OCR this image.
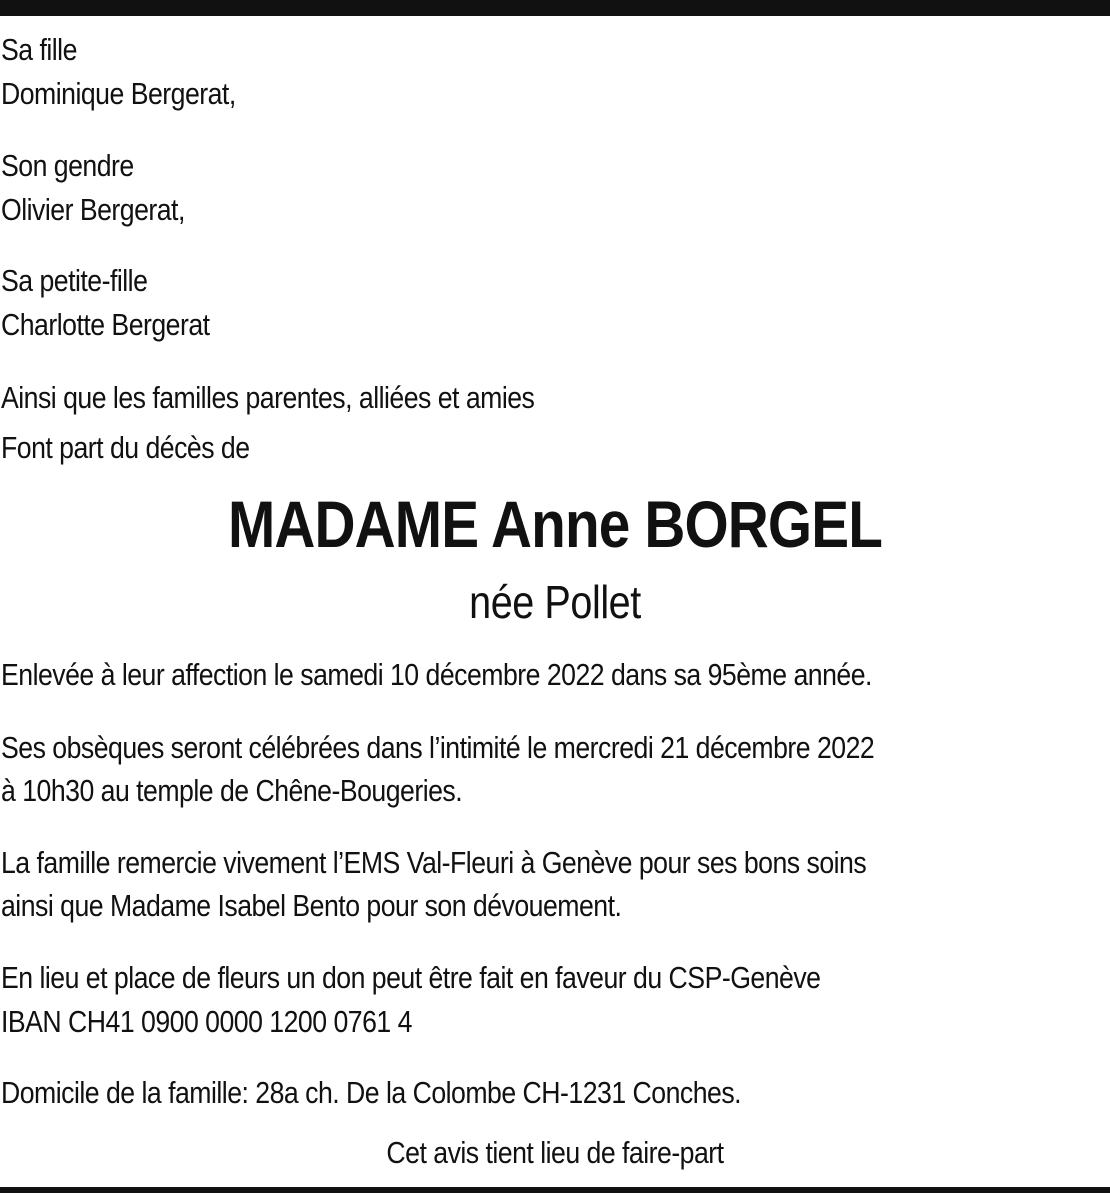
Sa fille
Dominique Bergerat,
Son gendre
Olivier Bergerat,
Sa petite-fille
Charlotte Bergerat
Ainsi que les familles parentes, alliées et amies
Font part du décès de
MADAME Anne BORGEL
née Pollet
Enlevée à leur affection le samedi 10 décembre 2022 dans sa 95ème année.
Ses obsèques seront célébrées dans l’intimité le mercredi 21 décembre 2022
à 10h30 au temple de Chêne-Bougeries.
La famille remercie vivement l’EMS Val-Fleuri à Genève pour ses bons soins
ainsi que Madame Isabel Bento pour son dévouement.
En lieu et place de fleurs un don peut être fait en faveur du CSP-Genève
IBAN CH41 0900 0000 1200 0761 4
Domicile de la famille: 28a ch. De la Colombe CH-1231 Conches.
Cet avis tient lieu de faire-part
